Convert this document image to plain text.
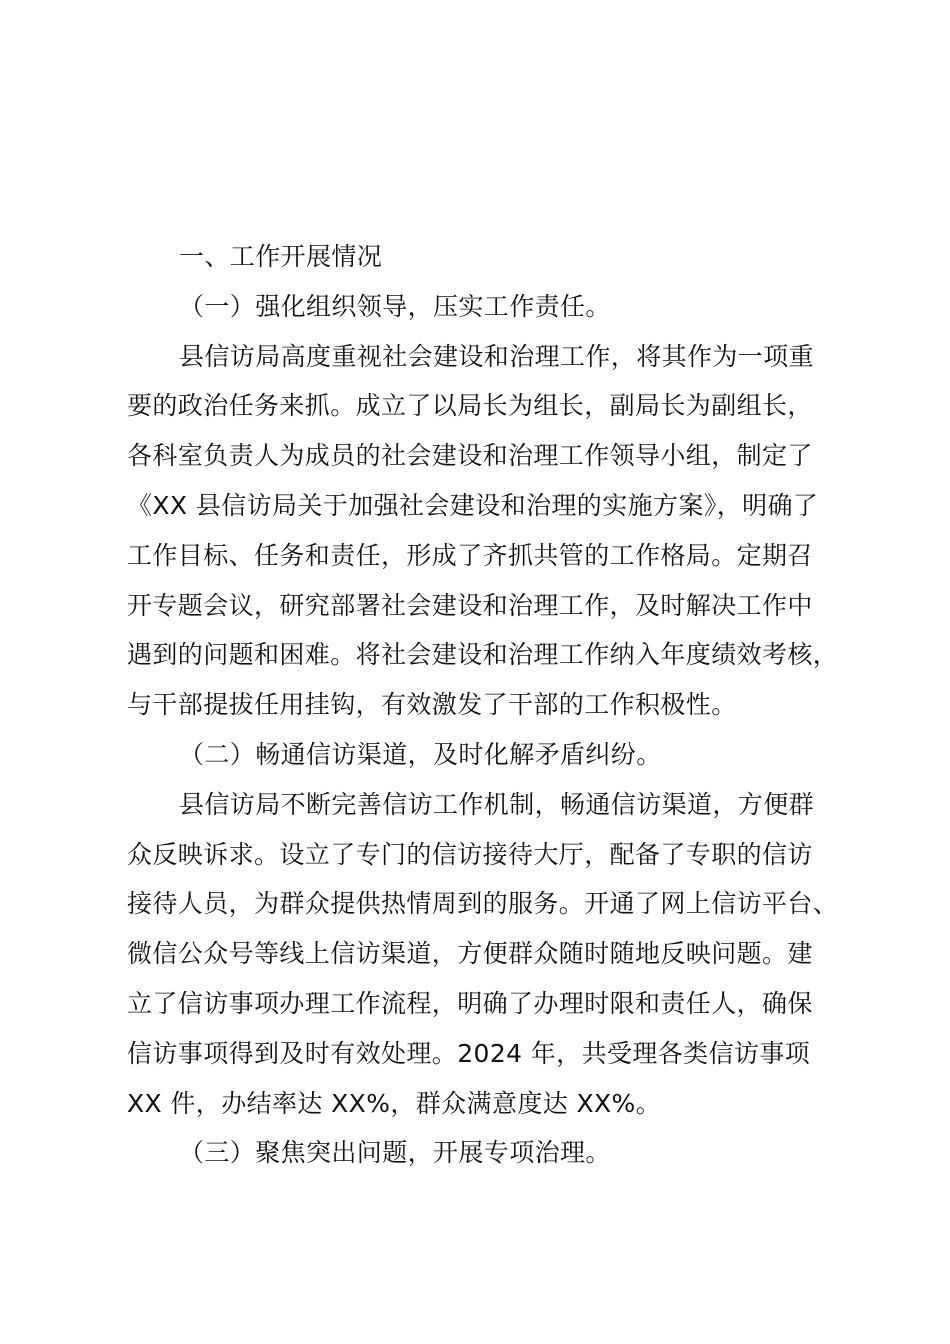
一、工作开展情况
（一）强化组织领导，压实工作责任。
县信访局高度重视社会建设和治理工作，将其作为一项重
要的政治任务来抓。成立了以局长为组长，副局长为副组长，
各科室负责人为成员的社会建设和治理工作领导小组，制定了
《XX 县信访局关于加强社会建设和治理的实施方案》，明确了
工作目标、任务和责任，形成了齐抓共管的工作格局。定期召
开专题会议，研究部署社会建设和治理工作，及时解决工作中
遇到的问题和困难。将社会建设和治理工作纳入年度绩效考核，
与干部提拔任用挂钩，有效激发了干部的工作积极性。
（二）畅通信访渠道，及时化解矛盾纠纷。
县信访局不断完善信访工作机制，畅通信访渠道，方便群
众反映诉求。设立了专门的信访接待大厅，配备了专职的信访
接待人员，为群众提供热情周到的服务。开通了网上信访平台、
微信公众号等线上信访渠道，方便群众随时随地反映问题。建
立了信访事项办理工作流程，明确了办理时限和责任人，确保
信访事项得到及时有效处理。2024 年，共受理各类信访事项
XX 件，办结率达 XX%，群众满意度达 XX%。
（三）聚焦突出问题，开展专项治理。
